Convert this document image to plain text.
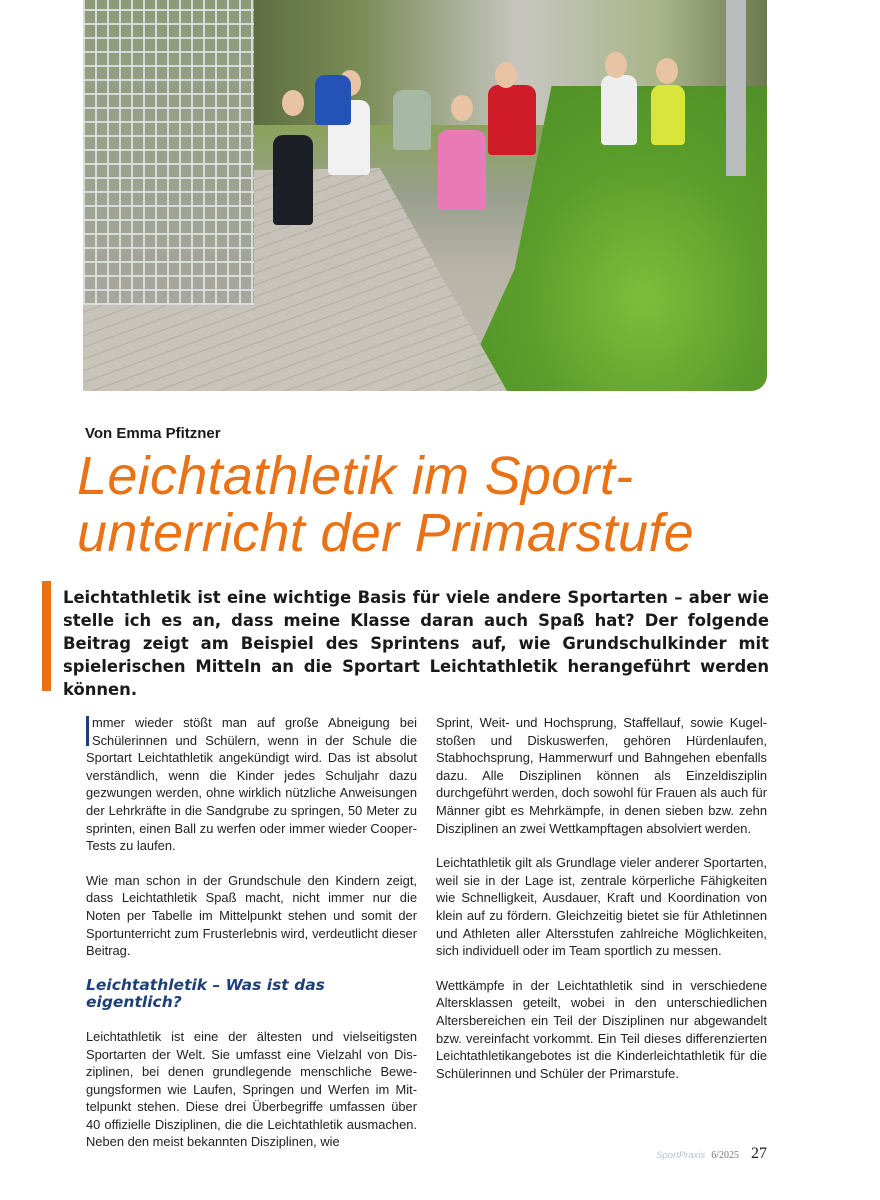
Von Emma Pfitzner
Leichtathletik im Sport-
unterricht der Primarstufe
Leichtathletik ist eine wichtige Basis für viele andere Sportarten – aber wie stelle ich es an, dass meine Klasse daran auch Spaß hat? Der folgende Beitrag zeigt am Beispiel des Sprintens auf, wie Grundschulkinder mit spielerischen Mitteln an die Sportart Leichtathletik herangeführt werden können.

mmer wieder stößt man auf große Abneigung bei Schülerinnen und Schülern, wenn in der Schule die Sportart Leichtathletik angekündigt wird. Das ist absolut verständlich, wenn die Kinder jedes Schuljahr dazu gezwungen werden, ohne wirklich nützliche Anweisungen der Lehrkräfte in die Sandgrube zu springen, 50 Meter zu sprinten, einen Ball zu werfen oder immer wieder Cooper-Tests zu laufen.

Wie man schon in der Grundschule den Kindern zeigt, dass Leichtathletik Spaß macht, nicht immer nur die Noten per Tabelle im Mittelpunkt stehen und somit der Sportunterricht zum Frusterlebnis wird, verdeutlicht dieser Beitrag.

Leichtathletik – Was ist das eigentlich?

Leichtathletik ist eine der ältesten und vielseitigsten Sportarten der Welt. Sie umfasst eine Vielzahl von Disziplinen, bei denen grundlegende menschliche Bewegungsformen wie Laufen, Springen und Werfen im Mittelpunkt stehen. Diese drei Überbegriffe umfassen über 40 offizielle Disziplinen, die die Leichtathletik ausmachen. Neben den meist bekannten Disziplinen, wie

Sprint, Weit- und Hochsprung, Staffellauf, sowie Kugelstoßen und Diskuswerfen, gehören Hürdenlaufen, Stabhochsprung, Hammerwurf und Bahngehen ebenfalls dazu. Alle Disziplinen können als Einzeldisziplin durchgeführt werden, doch sowohl für Frauen als auch für Männer gibt es Mehrkämpfe, in denen sieben bzw. zehn Disziplinen an zwei Wettkampftagen absolviert werden.

Leichtathletik gilt als Grundlage vieler anderer Sportarten, weil sie in der Lage ist, zentrale körperliche Fähigkeiten wie Schnelligkeit, Ausdauer, Kraft und Koordination von klein auf zu fördern. Gleichzeitig bietet sie für Athletinnen und Athleten aller Altersstufen zahlreiche Möglichkeiten, sich individuell oder im Team sportlich zu messen.

Wettkämpfe in der Leichtathletik sind in verschiedene Altersklassen geteilt, wobei in den unterschiedlichen Altersbereichen ein Teil der Disziplinen nur abgewandelt bzw. vereinfacht vorkommt. Ein Teil dieses differenzierten Leichtathletikangebotes ist die Kinderleichtathletik für die Schülerinnen und Schüler der Primarstufe.

SportPraxis 6/2025 27
